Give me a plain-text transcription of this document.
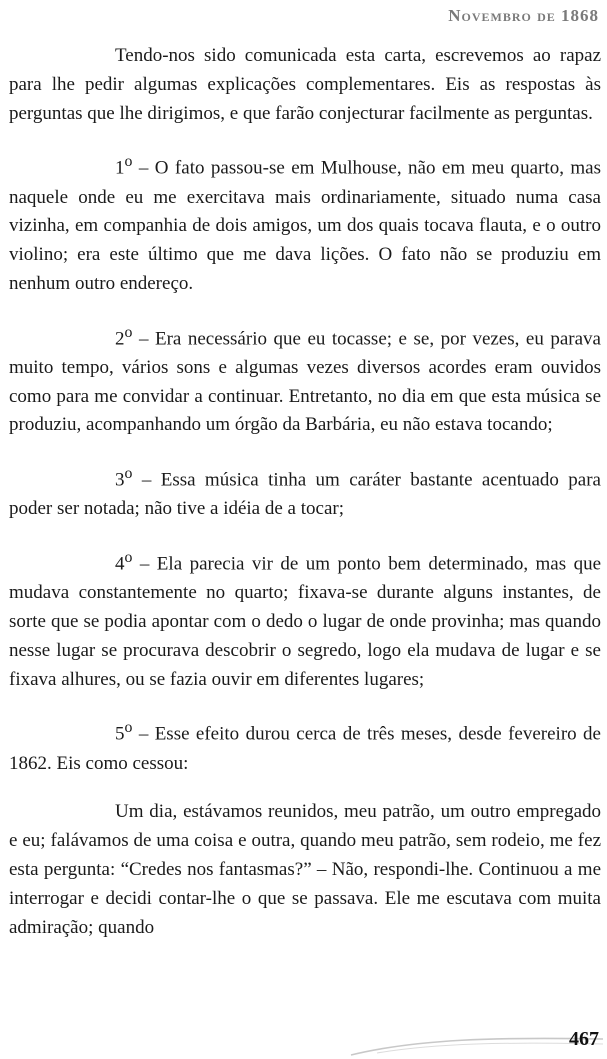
Novembro de 1868

Tendo-nos sido comunicada esta carta, escrevemos ao rapaz para lhe pedir algumas explicações complementares. Eis as respostas às perguntas que lhe dirigimos, e que farão conjecturar facilmente as perguntas.

1$^o$ – O fato passou-se em Mulhouse, não em meu quarto, mas naquele onde eu me exercitava mais ordinariamente, situado numa casa vizinha, em companhia de dois amigos, um dos quais tocava flauta, e o outro violino; era este último que me dava lições. O fato não se produziu em nenhum outro endereço.

2$^o$ – Era necessário que eu tocasse; e se, por vezes, eu parava muito tempo, vários sons e algumas vezes diversos acordes eram ouvidos como para me convidar a continuar. Entretanto, no dia em que esta música se produziu, acompanhando um órgão da Barbária, eu não estava tocando;

3$^o$ – Essa música tinha um caráter bastante acentuado para poder ser notada; não tive a idéia de a tocar;

4$^o$ – Ela parecia vir de um ponto bem determinado, mas que mudava constantemente no quarto; fixava-se durante alguns instantes, de sorte que se podia apontar com o dedo o lugar de onde provinha; mas quando nesse lugar se procurava descobrir o segredo, logo ela mudava de lugar e se fixava alhures, ou se fazia ouvir em diferentes lugares;

5$^o$ – Esse efeito durou cerca de três meses, desde fevereiro de 1862. Eis como cessou:

Um dia, estávamos reunidos, meu patrão, um outro empregado e eu; falávamos de uma coisa e outra, quando meu patrão, sem rodeio, me fez esta pergunta: “Credes nos fantasmas?” – Não, respondi-lhe. Continuou a me interrogar e decidi contar-lhe o que se passava. Ele me escutava com muita admiração; quando

467
